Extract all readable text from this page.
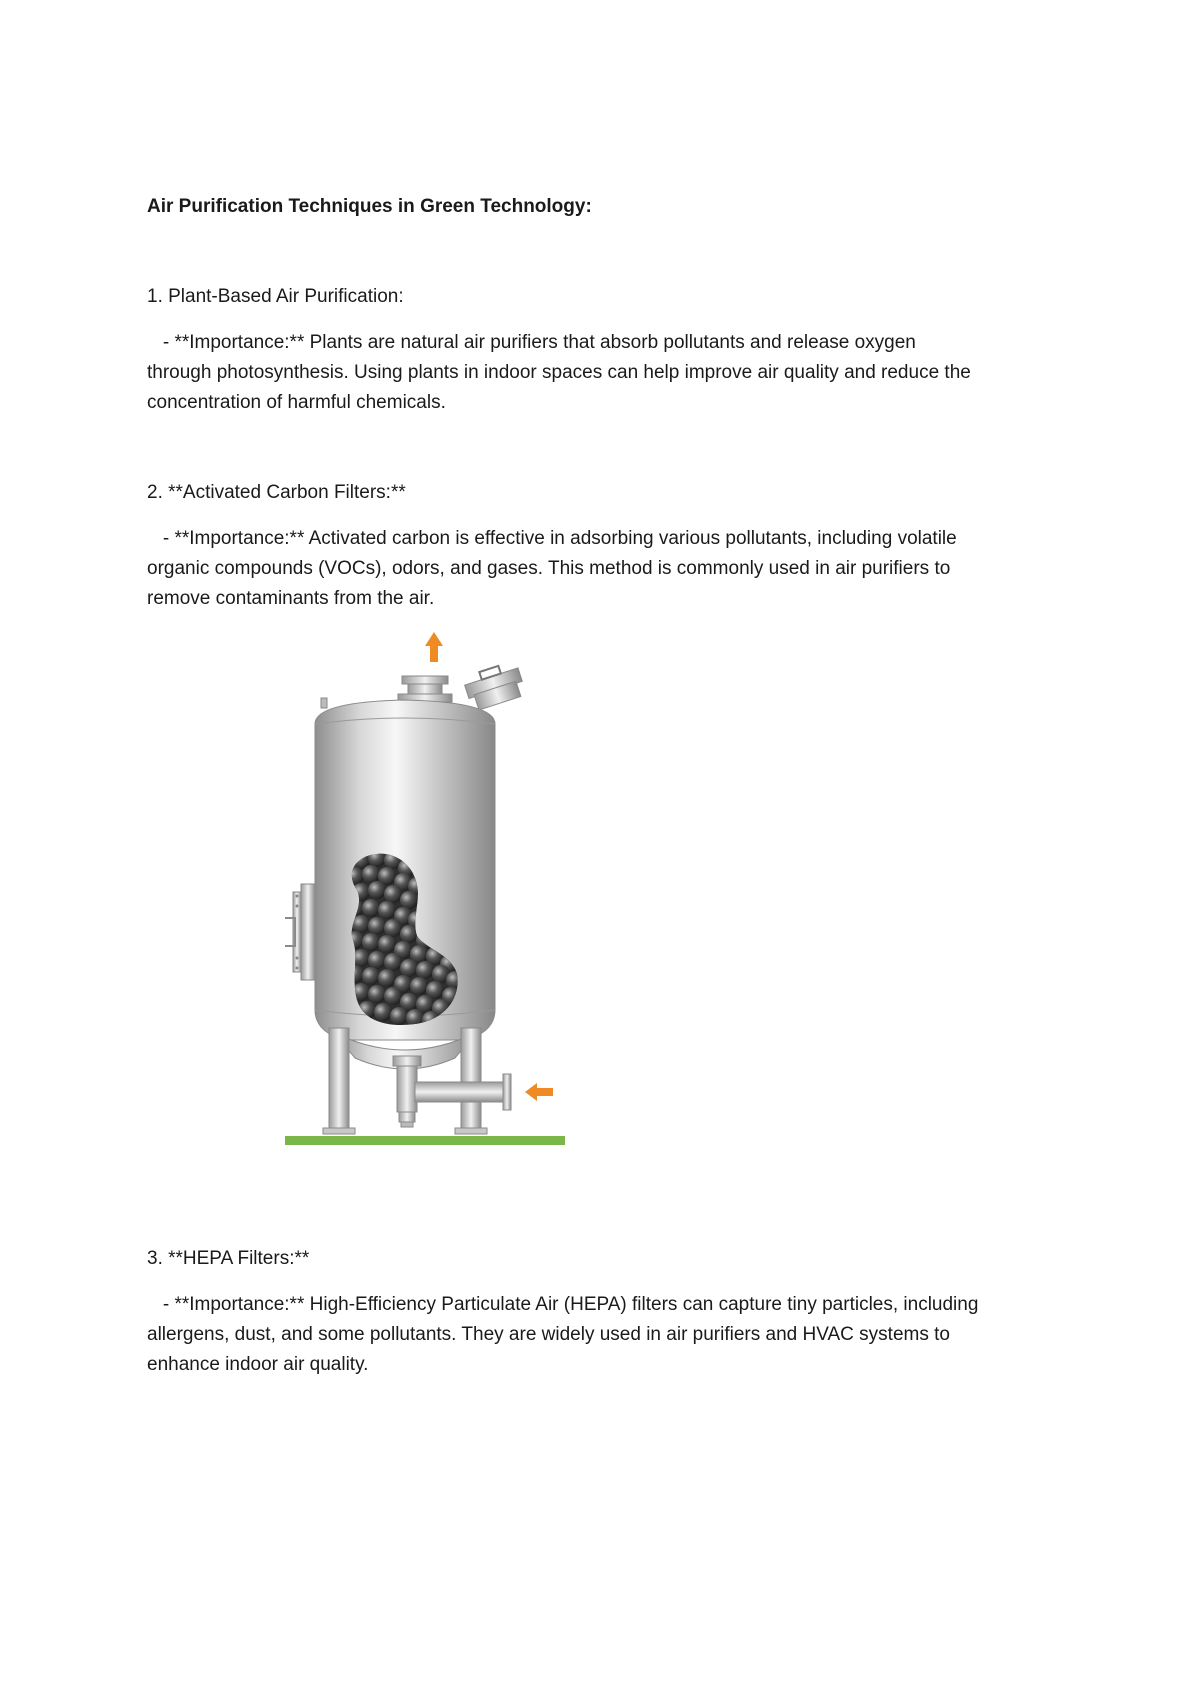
Air Purification Techniques in Green Technology:
1. Plant-Based Air Purification:
- **Importance:** Plants are natural air purifiers that absorb pollutants and release oxygen
through photosynthesis. Using plants in indoor spaces can help improve air quality and reduce the
concentration of harmful chemicals.
2. **Activated Carbon Filters:**
- **Importance:** Activated carbon is effective in adsorbing various pollutants, including volatile
organic compounds (VOCs), odors, and gases. This method is commonly used in air purifiers to
remove contaminants from the air.
3. **HEPA Filters:**
- **Importance:** High-Efficiency Particulate Air (HEPA) filters can capture tiny particles, including
allergens, dust, and some pollutants. They are widely used in air purifiers and HVAC systems to
enhance indoor air quality.
